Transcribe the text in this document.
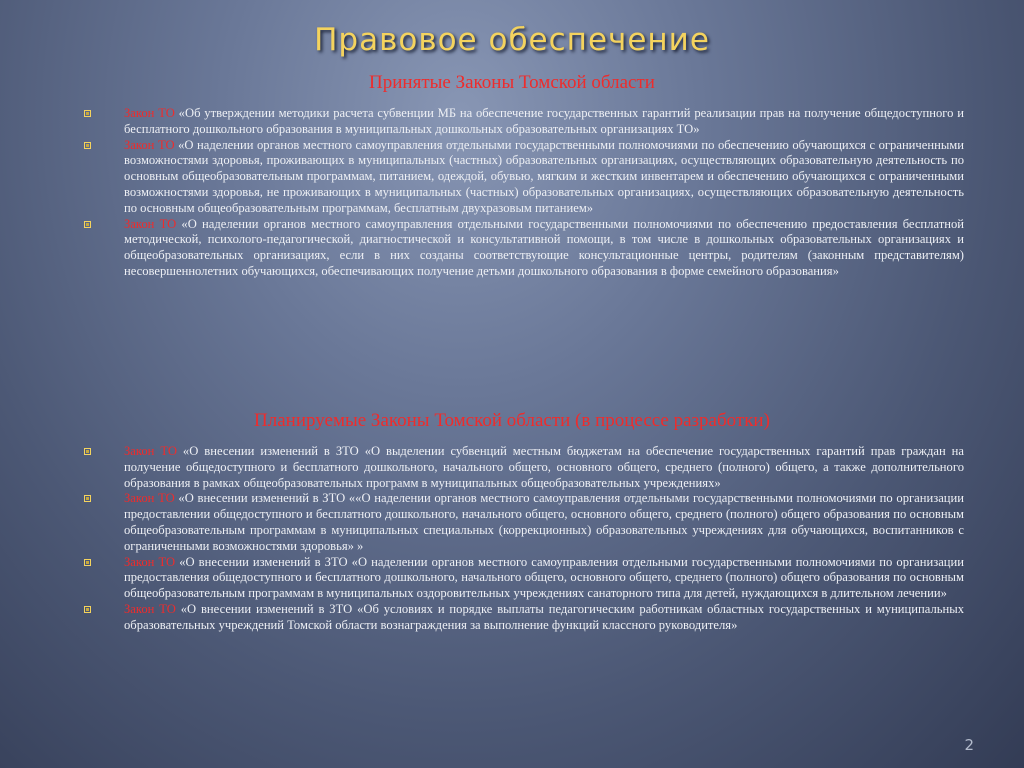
Правовое обеспечение
Принятые Законы Томской области
Закон ТО «Об утверждении методики расчета субвенции МБ на обеспечение государственных гарантий реализации прав на получение общедоступного и бесплатного дошкольного образования в муниципальных дошкольных образовательных организациях ТО»
Закон ТО «О наделении органов местного самоуправления отдельными государственными полномочиями по обеспечению обучающихся с ограниченными возможностями здоровья, проживающих в муниципальных (частных) образовательных организациях, осуществляющих образовательную деятельность по основным общеобразовательным программам, питанием, одеждой, обувью, мягким и жестким инвентарем и обеспечению обучающихся с ограниченными возможностями здоровья, не проживающих в муниципальных (частных) образовательных организациях, осуществляющих образовательную деятельность по основным общеобразовательным программам, бесплатным двухразовым питанием»
Закон ТО «О наделении органов местного самоуправления отдельными государственными полномочиями по обеспечению предоставления бесплатной методической, психолого-педагогической, диагностической и консультативной помощи, в том числе в дошкольных образовательных организациях и общеобразовательных организациях, если в них созданы соответствующие консультационные центры, родителям (законным представителям) несовершеннолетних обучающихся, обеспечивающих получение детьми дошкольного образования в форме семейного образования»
Планируемые Законы Томской области (в процессе разработки)
Закон ТО «О внесении изменений в ЗТО «О выделении субвенций местным бюджетам на обеспечение государственных гарантий прав граждан на получение общедоступного и бесплатного дошкольного, начального общего, основного общего, среднего (полного) общего, а также дополнительного образования в рамках общеобразовательных программ в муниципальных общеобразовательных учреждениях»
Закон ТО «О внесении изменений в ЗТО ««О наделении органов местного самоуправления отдельными государственными полномочиями по организации предоставлении общедоступного и бесплатного дошкольного, начального общего, основного общего, среднего (полного) общего образования по основным общеобразовательным программам в муниципальных специальных (коррекционных) образовательных учреждениях для обучающихся, воспитанников с ограниченными возможностями здоровья» »
Закон ТО «О внесении изменений в ЗТО «О наделении органов местного самоуправления отдельными государственными полномочиями по организации предоставления общедоступного и бесплатного дошкольного, начального общего, основного общего, среднего (полного) общего образования по основным общеобразовательным программам в муниципальных оздоровительных учреждениях санаторного типа для детей, нуждающихся в длительном лечении»
Закон ТО «О внесении изменений в ЗТО «Об условиях и порядке выплаты педагогическим работникам областных государственных и муниципальных образовательных учреждений Томской области вознаграждения за выполнение функций классного руководителя»
2
